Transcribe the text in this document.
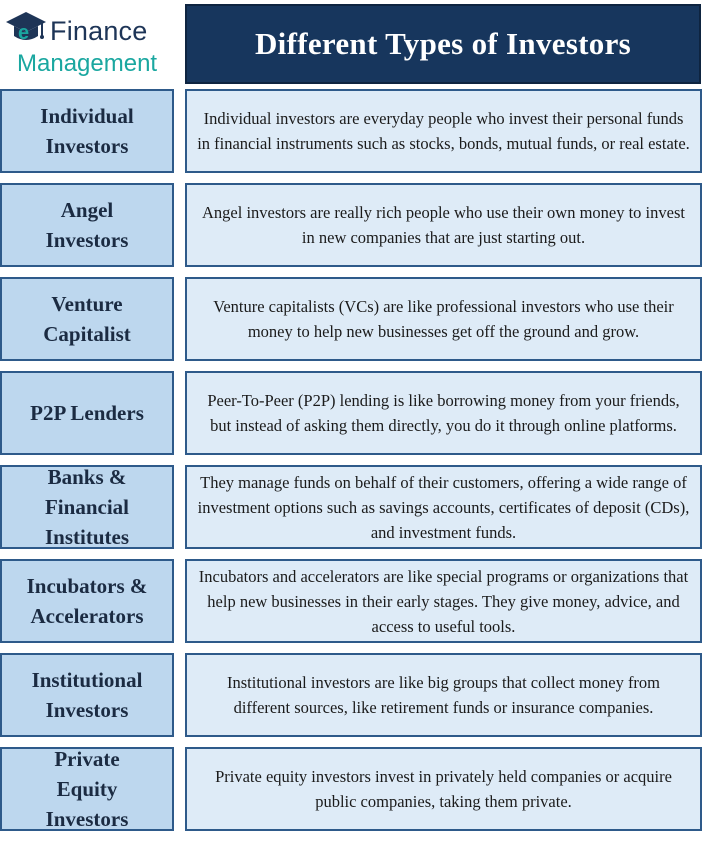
e Finance
Management
Different Types of Investors
Individual Investors
Individual investors are everyday people who invest their personal funds in financial instruments such as stocks, bonds, mutual funds, or real estate.
Angel Investors
Angel investors are really rich people who use their own money to invest in new companies that are just starting out.
Venture Capitalist
Venture capitalists (VCs) are like professional investors who use their money to help new businesses get off the ground and grow.
P2P Lenders
Peer-To-Peer (P2P) lending is like borrowing money from your friends, but instead of asking them directly, you do it through online platforms.
Banks & Financial Institutes
They manage funds on behalf of their customers, offering a wide range of investment options such as savings accounts, certificates of deposit (CDs), and investment funds.
Incubators & Accelerators
Incubators and accelerators are like special programs or organizations that help new businesses in their early stages. They give money, advice, and access to useful tools.
Institutional Investors
Institutional investors are like big groups that collect money from different sources, like retirement funds or insurance companies.
Private Equity Investors
Private equity investors invest in privately held companies or acquire public companies, taking them private.
